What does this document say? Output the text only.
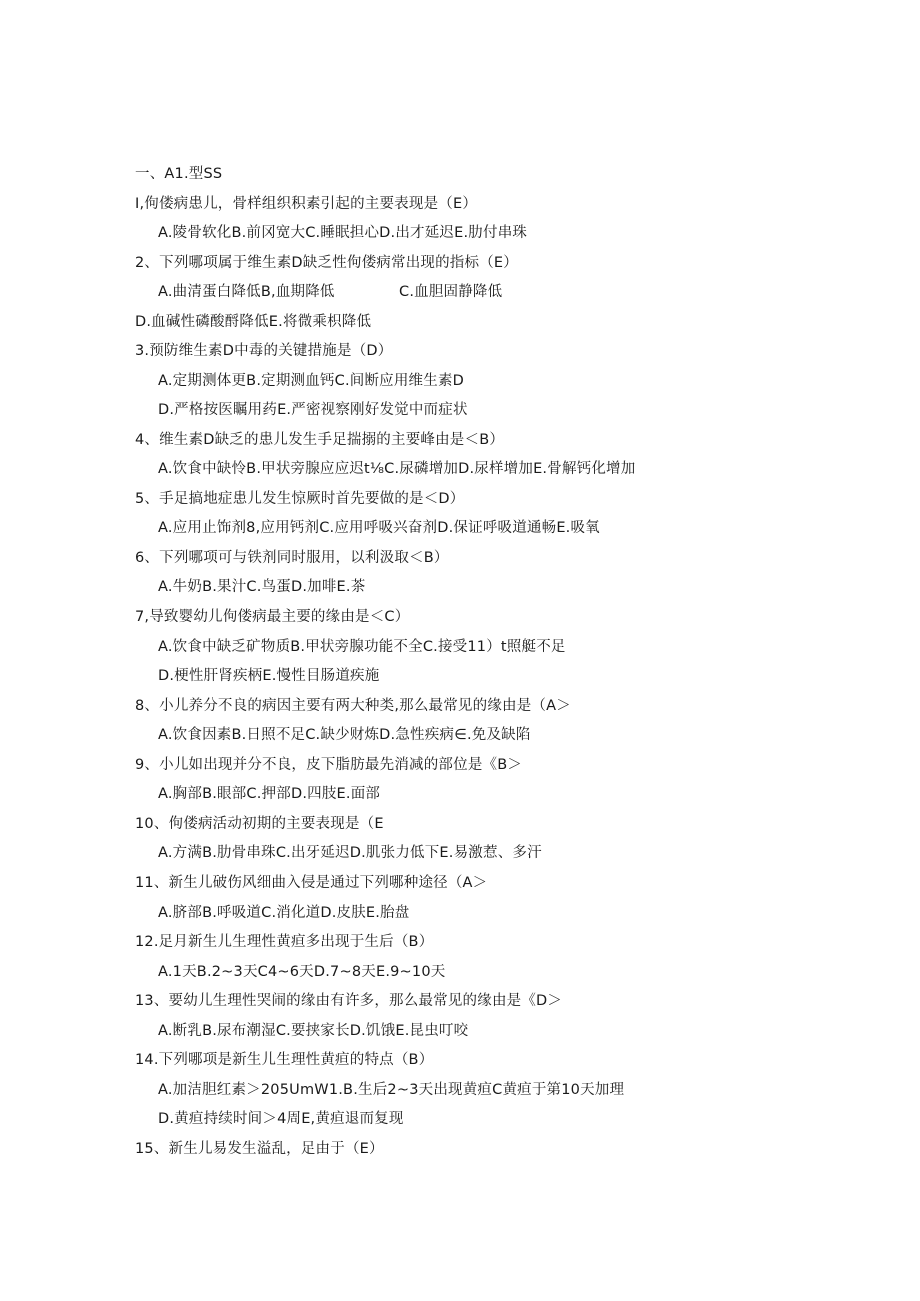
一、A1.型SS
I,佝偻病患儿，骨样组织积素引起的主要表现是（E）
A.陵骨软化B.前冈宽大C.睡眠担心D.出才延迟E.肋付串珠
2、下列哪项属于维生素D缺乏性佝偻病常出现的指标（E）
A.曲清蛋白降低B,血期降低	C.血胆固静降低
D.血碱性磷酸酹降低E.将微乘枳降低
3.预防维生素D中毒的关键措施是（D）
A.定期测体更B.定期测血钙C.间断应用维生素D
D.严格按医瞩用药E.严密视察刚好发觉中而症状
4、维生素D缺乏的患儿发生手足揣搦的主要峰由是＜B）
A.饮食中缺怜B.甲状旁腺应应迟t⅛C.尿磷增加D.尿样增加E.骨解钙化增加
5、手足搞地症患儿发生惊厥时首先要做的是＜D）
A.应用止饰剂8,应用钙剂C.应用呼吸兴奋剂D.保证呼吸道通畅E.吸氧
6、下列哪项可与铁剂同时服用，以利汲取＜B）
A.牛奶B.果汁C.鸟蛋D.加啡E.茶
7,导致婴幼儿佝偻病最主要的缘由是＜C）
A.饮食中缺乏矿物质B.甲状旁腺功能不全C.接受11）t照艇不足
D.梗性肝肾疾柄E.慢性目肠道疾施
8、小儿养分不良的病因主要有两大种类,那么最常见的缘由是（A＞
A.饮食因素B.日照不足C.缺少财炼D.急性疾病∈.免及缺陷
9、小儿如出现并分不良，皮下脂肪最先消减的部位是《B＞
A.胸部B.眼部C.押部D.四肢E.面部
10、佝偻病活动初期的主要表现是（E
A.方满B.肋骨串珠C.出牙延迟D.肌张力低下E.易激惹、多汗
11、新生儿破伤风细曲入侵是通过下列哪种途径（A＞
A.脐部B.呼吸道C.消化道D.皮肤E.胎盘
12.足月新生儿生理性黄疸多出现于生后（B）
A.1天B.2~3天C4~6天D.7~8天E.9~10天
13、要幼儿生理性哭闹的缘由有许多，那么最常见的缘由是《D＞
A.断乳B.尿布潮湿C.要挟家长D.饥饿E.昆虫叮咬
14.下列哪项是新生儿生理性黄疸的特点（B）
A.加洁胆红素＞205UmW1.B.生后2~3天出现黄疸C黄疸于第10天加理
D.黄疸持续时间＞4周E,黄疸退而复现
15、新生儿易发生溢乱，足由于（E）
